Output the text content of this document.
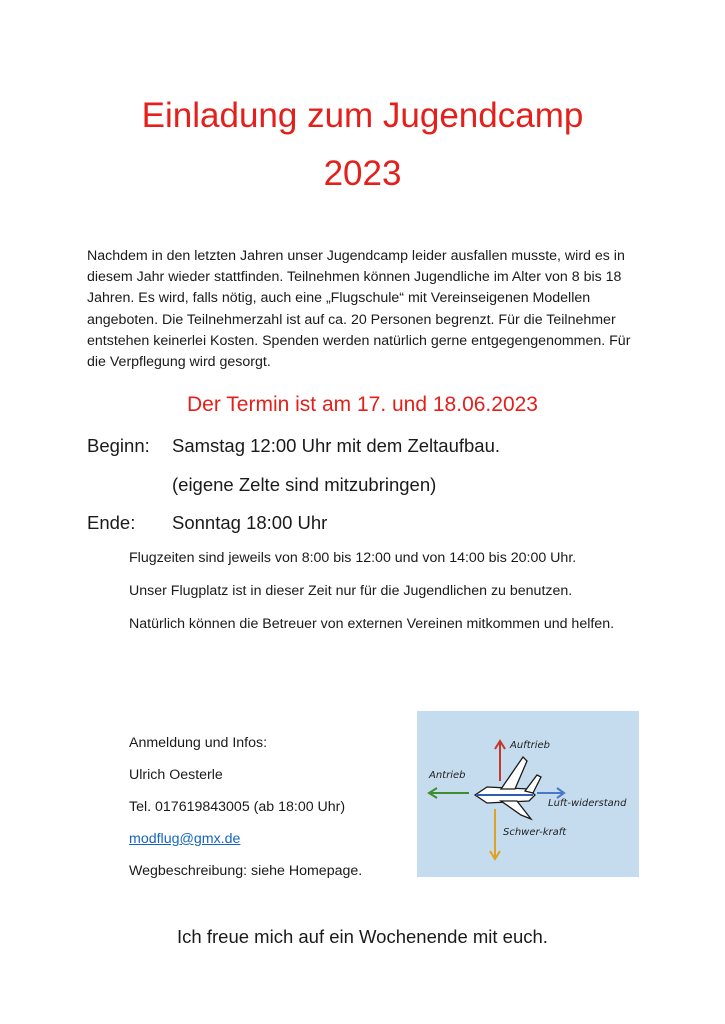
Einladung zum Jugendcamp
2023

Nachdem in den letzten Jahren unser Jugendcamp leider ausfallen musste, wird es in diesem Jahr wieder stattfinden. Teilnehmen können Jugendliche im Alter von 8 bis 18 Jahren. Es wird, falls nötig, auch eine „Flugschule“ mit Vereinseigenen Modellen angeboten. Die Teilnehmerzahl ist auf ca. 20 Personen begrenzt. Für die Teilnehmer entstehen keinerlei Kosten. Spenden werden natürlich gerne entgegengenommen. Für die Verpflegung wird gesorgt.

Der Termin ist am 17. und 18.06.2023
Beginn: Samstag 12:00 Uhr mit dem Zeltaufbau.
(eigene Zelte sind mitzubringen)
Ende: Sonntag 18:00 Uhr
Flugzeiten sind jeweils von 8:00 bis 12:00 und von 14:00 bis 20:00 Uhr.
Unser Flugplatz ist in dieser Zeit nur für die Jugendlichen zu benutzen.
Natürlich können die Betreuer von externen Vereinen mitkommen und helfen.
Anmeldung und Infos:
Ulrich Oesterle
Tel. 017619843005 (ab 18:00 Uhr)
modflug@gmx.de
Wegbeschreibung: siehe Homepage.
Auftrieb
Antrieb
Luft-widerstand
Schwer-kraft
Ich freue mich auf ein Wochenende mit euch.
